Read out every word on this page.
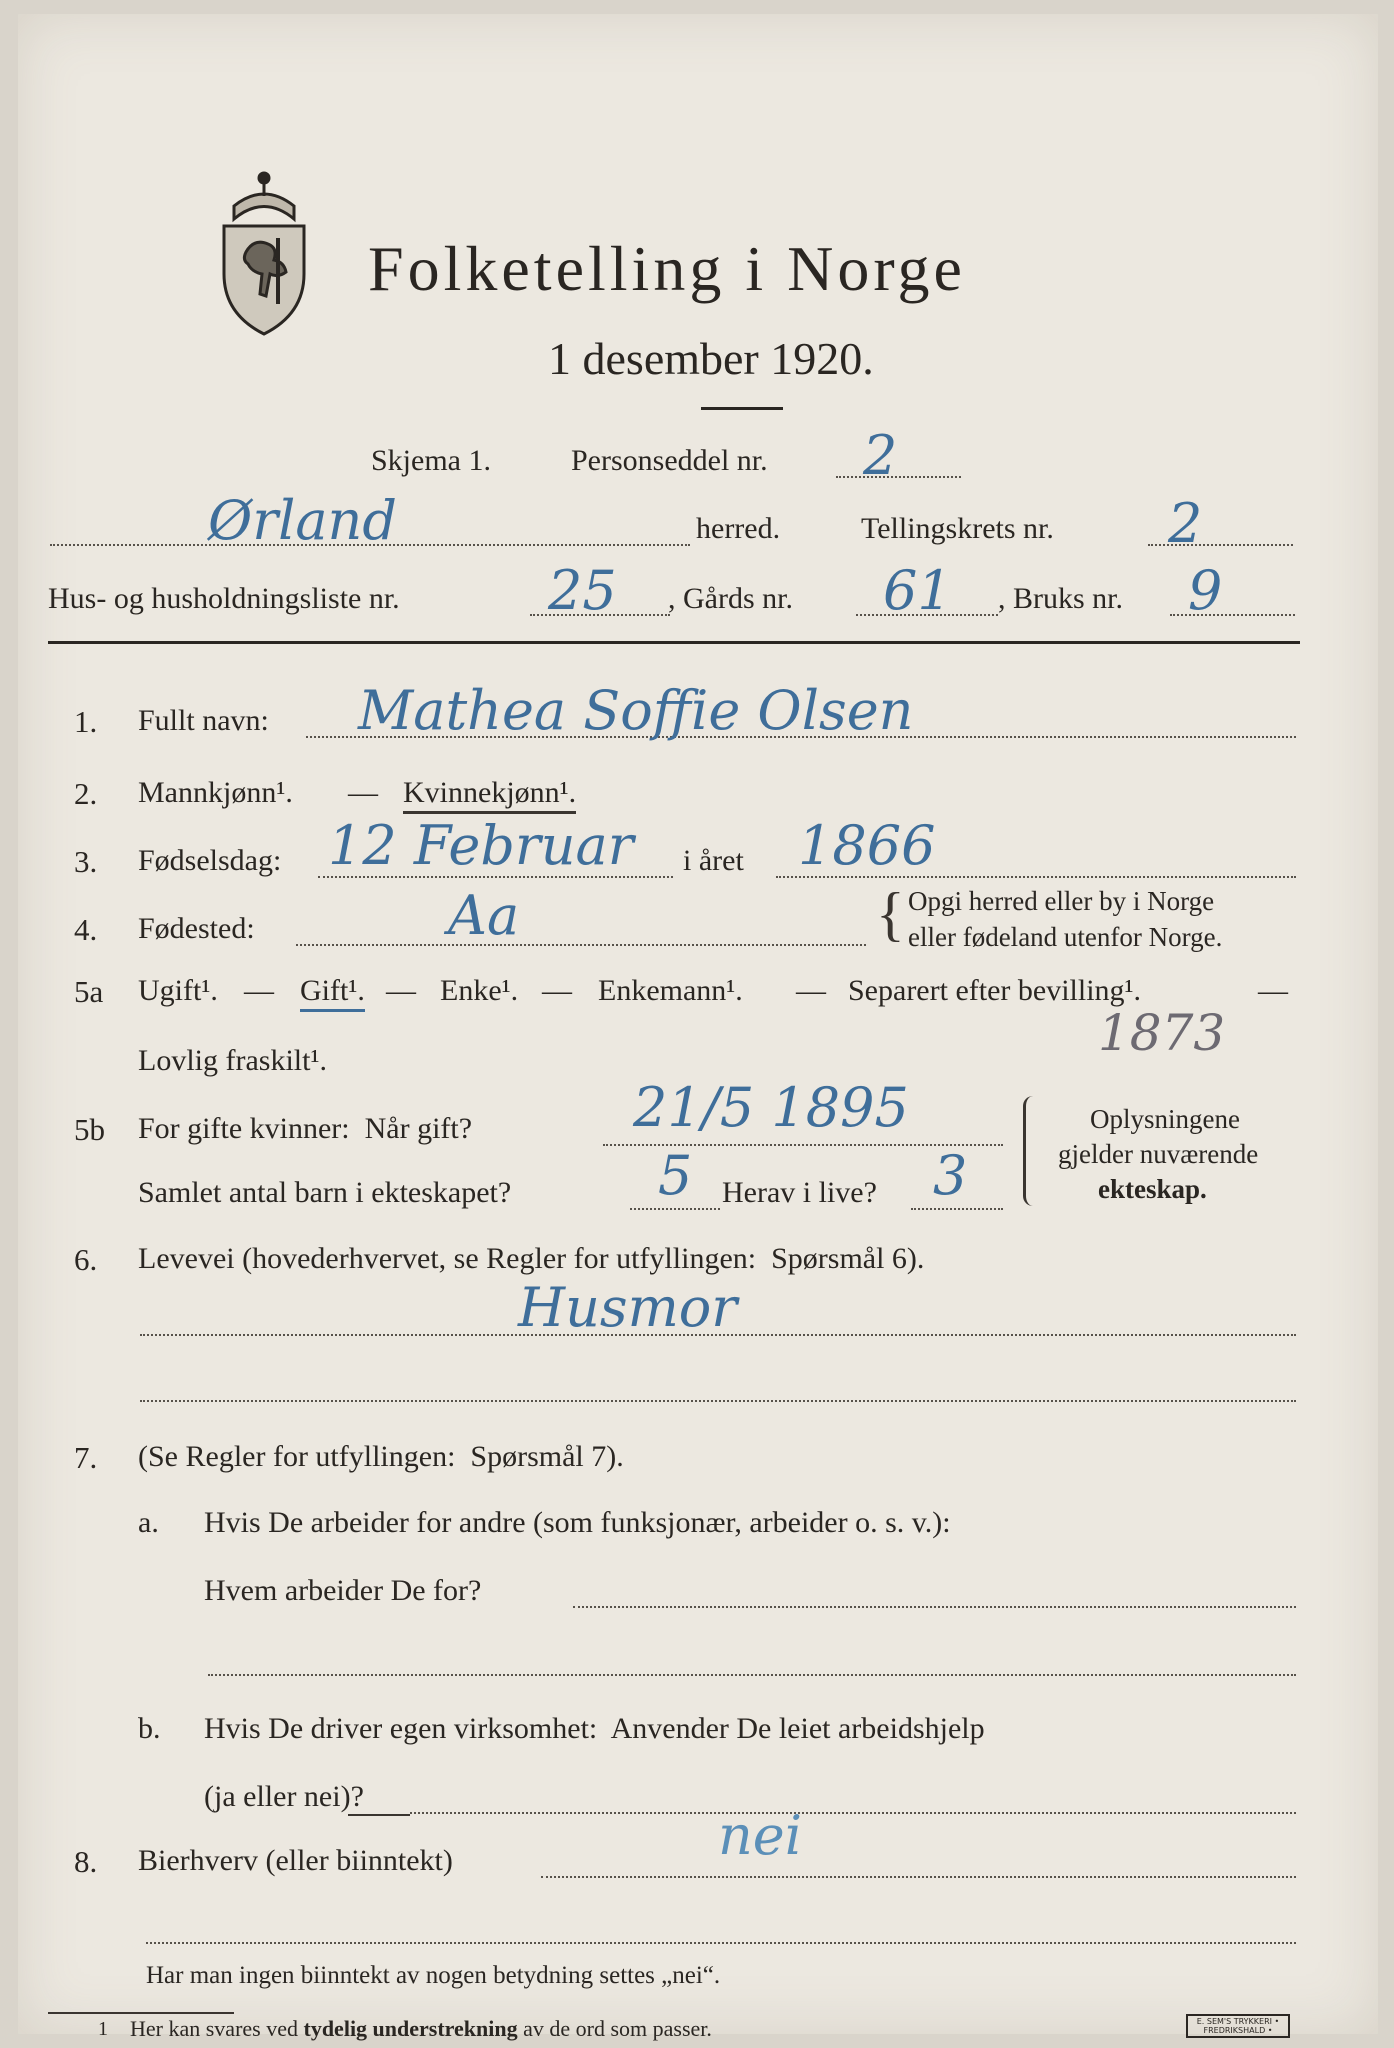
Folketelling i Norge
1 desember 1920.
Skjema 1.	Personseddel nr. 2
Ørland	herred.	Tellingskrets nr. 2
Hus- og husholdningsliste nr.	25 , Gårds nr. 61 , Bruks nr. 9
1. Fullt navn: Mathea Soffie Olsen
2. Mannkjønn¹. — Kvinnekjønn¹.
3. Fødselsdag: 12 Februar i året 1866
4. Fødested:	Aa	{ Opgi herred eller by i Norge
eller fødeland utenfor Norge.
5a Ugift¹. — Gift¹. — Enke¹. — Enkemann¹. — Separert efter bevilling¹.	—
Lovlig fraskilt¹.	1873
5b For gifte kvinner:  Når gift?	21/5 1895
Samlet antal barn i ekteskapet?	5 Herav i live? 3
Oplysningene
gjelder nuværende
ekteskap.
6. Levevei (hovederhvervet, se Regler for utfyllingen:  Spørsmål 6).
Husmor
7. (Se Regler for utfyllingen:  Spørsmål 7).
a. Hvis De arbeider for andre (som funksjonær, arbeider o. s. v.):
Hvem arbeider De for?
b. Hvis De driver egen virksomhet:  Anvender De leiet arbeidshjelp
(ja eller nei)?
8. Bierhverv (eller biinntekt)	nei
Har man ingen biinntekt av nogen betydning settes „nei“.
1 Her kan svares ved tydelig understrekning av de ord som passer.	E. SEM'S TRYKKERI • FREDRIKSHALD •
